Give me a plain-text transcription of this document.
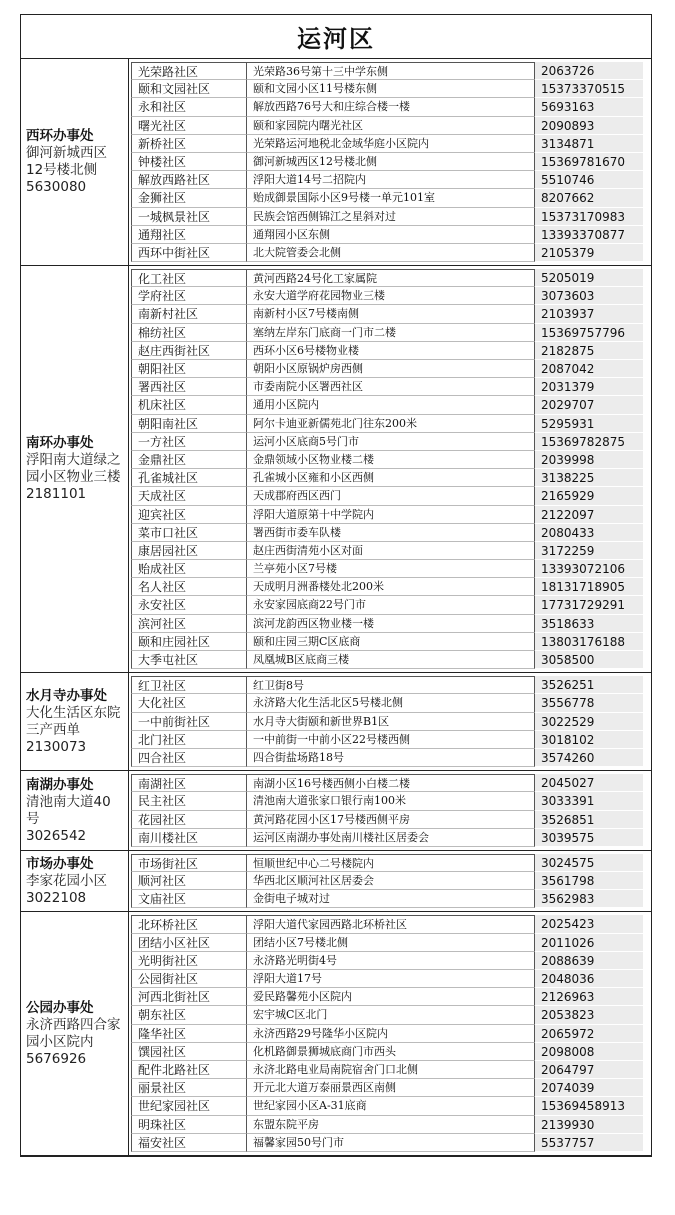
运河区
西环办事处
御河新城西区12号楼北侧
5630080
光荣路社区	光荣路36号第十三中学东侧	2063726
颐和文园社区	颐和文园小区11号楼东侧	15373370515
永和社区	解放西路76号大和庄综合楼一楼	5693163
曙光社区	颐和家园院内曙光社区	2090893
新桥社区	光荣路运河地税北金域华庭小区院内	3134871
钟楼社区	御河新城西区12号楼北侧	15369781670
解放西路社区	浮阳大道14号二招院内	5510746
金狮社区	贻成御景国际小区9号楼一单元101室	8207662
一城枫景社区	民族会馆西侧锦江之星斜对过	15373170983
通翔社区	通翔园小区东侧	13393370877
西环中街社区	北大院管委会北侧	2105379
南环办事处
浮阳南大道绿之园小区物业三楼
2181101
化工社区	黄河西路24号化工家属院	5205019
学府社区	永安大道学府花园物业三楼	3073603
南新村社区	南新村小区7号楼南侧	2103937
棉纺社区	塞纳左岸东门底商一门市二楼	15369757796
赵庄西街社区	西环小区6号楼物业楼	2182875
朝阳社区	朝阳小区原锅炉房西侧	2087042
署西社区	市委南院小区署西社区	2031379
机床社区	通用小区院内	2029707
朝阳南社区	阿尔卡迪亚新儒苑北门往东200米	5295931
一方社区	运河小区底商5号门市	15369782875
金鼎社区	金鼎领域小区物业楼二楼	2039998
孔雀城社区	孔雀城小区雍和小区西侧	3138225
天成社区	天成郡府西区西门	2165929
迎宾社区	浮阳大道原第十中学院内	2122097
菜市口社区	署西街市委车队楼	2080433
康居园社区	赵庄西街清苑小区对面	3172259
贻成社区	兰亭苑小区7号楼	13393072106
名人社区	天成明月洲番楼处北200米	18131718905
永安社区	永安家园底商22号门市	17731729291
滨河社区	滨河龙韵西区物业楼一楼	3518633
颐和庄园社区	颐和庄园三期C区底商	13803176188
大季屯社区	凤凰城B区底商三楼	3058500
水月寺办事处
大化生活区东院三产西单
2130073
红卫社区	红卫街8号	3526251
大化社区	永济路大化生活北区5号楼北侧	3556778
一中前街社区	水月寺大街颐和新世界B1区	3022529
北门社区	一中前街一中前小区22号楼西侧	3018102
四合社区	四合街盐场路18号	3574260
南湖办事处
清池南大道40号
3026542
南湖社区	南湖小区16号楼西侧小白楼二楼	2045027
民主社区	清池南大道张家口银行南100米	3033391
花园社区	黄河路花园小区17号楼西侧平房	3526851
南川楼社区	运河区南湖办事处南川楼社区居委会	3039575
市场办事处
李家花园小区
3022108
市场街社区	恒顺世纪中心二号楼院内	3024575
顺河社区	华西北区顺河社区居委会	3561798
文庙社区	金街电子城对过	3562983
公园办事处
永济西路四合家园小区院内
5676926
北环桥社区	浮阳大道代家园西路北环桥社区	2025423
团结小区社区	团结小区7号楼北侧	2011026
光明街社区	永济路光明街4号	2088639
公园街社区	浮阳大道17号	2048036
河西北街社区	爱民路馨苑小区院内	2126963
朝东社区	宏宇城C区北门	2053823
隆华社区	永济西路29号隆华小区院内	2065972
馔园社区	化机路御景狮城底商门市西头	2098008
配件北路社区	永济北路电业局南院宿舍门口北侧	2064797
丽景社区	开元北大道万泰丽景西区南侧	2074039
世纪家园社区	世纪家园小区A-31底商	15369458913
明珠社区	东盟东院平房	2139930
福安社区	福馨家园50号门市	5537757
